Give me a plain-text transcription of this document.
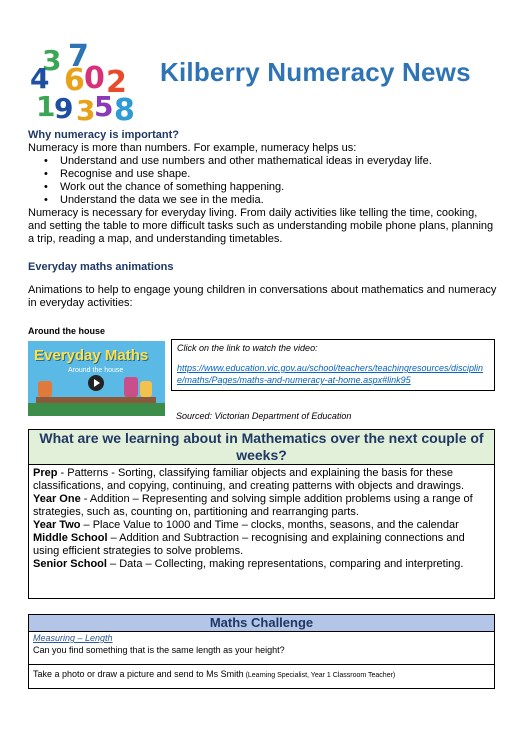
3
4
7
6 0 2
1
9 3
5 8
Kilberry Numeracy News
Why numeracy is important?
Numeracy is more than numbers. For example, numeracy helps us:
• Understand and use numbers and other mathematical ideas in everyday life.
• Recognise and use shape.
• Work out the chance of something happening.
• Understand the data we see in the media.
Numeracy is necessary for everyday living. From daily activities like telling the time, cooking, and setting the table to more difficult tasks such as understanding mobile phone plans, planning a trip, reading a map, and understanding timetables.
Everyday maths animations
Animations to help to engage young children in conversations about mathematics and numeracy in everyday activities:
Around the house
Everyday Maths
Around the house
Click on the link to watch the video:
https://www.education.vic.gov.au/school/teachers/teachingresources/discipline/maths/Pages/maths-and-numeracy-at-home.aspx#link95
Sourced: Victorian Department of Education
What are we learning about in Mathematics over the next couple of weeks?

Prep - Patterns - Sorting, classifying familiar objects and explaining the basis for these classifications, and copying, continuing, and creating patterns with objects and drawings.

Year One - Addition – Representing and solving simple addition problems using a range of strategies, such as, counting on, partitioning and rearranging parts.

Year Two – Place Value to 1000 and Time – clocks, months, seasons, and the calendar

Middle School – Addition and Subtraction – recognising and explaining connections and using efficient strategies to solve problems.

Senior School – Data – Collecting, making representations, comparing and interpreting.

Maths Challenge
Measuring – Length
Can you find something that is the same length as your height?
Take a photo or draw a picture and send to Ms Smith (Learning Specialist, Year 1 Classroom Teacher)
